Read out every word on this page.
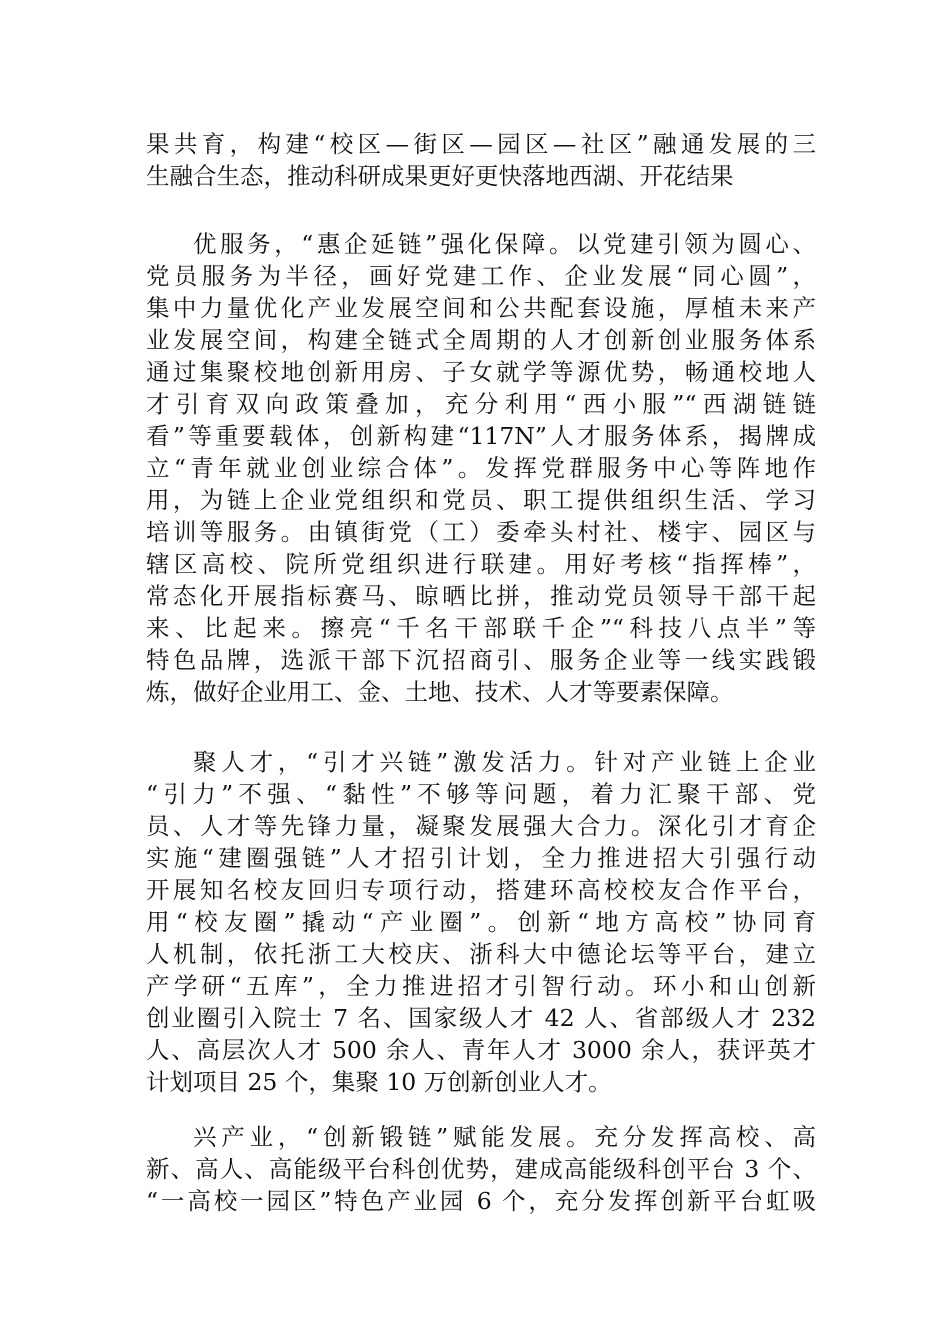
果共育，构建“校区—街区—园区—社区”融通发展的三
生融合生态，推动科研成果更好更快落地西湖、开花结果
优服务，“惠企延链”强化保障。以党建引领为圆心、
党员服务为半径，画好党建工作、企业发展“同心圆”，
集中力量优化产业发展空间和公共配套设施，厚植未来产
业发展空间，构建全链式全周期的人才创新创业服务体系
通过集聚校地创新用房、子女就学等源优势，畅通校地人
才引育双向政策叠加，充分利用“西小服”“西湖链链
看”等重要载体，创新构建“117N”人才服务体系，揭牌成
立“青年就业创业综合体”。发挥党群服务中心等阵地作
用，为链上企业党组织和党员、职工提供组织生活、学习
培训等服务。由镇街党（工）委牵头村社、楼宇、园区与
辖区高校、院所党组织进行联建。用好考核“指挥棒”，
常态化开展指标赛马、晾晒比拼，推动党员领导干部干起
来、比起来。擦亮“千名干部联千企”“科技八点半”等
特色品牌，选派干部下沉招商引、服务企业等一线实践锻
炼，做好企业用工、金、土地、技术、人才等要素保障。
聚人才，“引才兴链”激发活力。针对产业链上企业
“引力”不强、“黏性”不够等问题，着力汇聚干部、党
员、人才等先锋力量，凝聚发展强大合力。深化引才育企
实施“建圈强链”人才招引计划，全力推进招大引强行动
开展知名校友回归专项行动，搭建环高校校友合作平台，
用“校友圈”撬动“产业圈”。创新“地方高校”协同育
人机制，依托浙工大校庆、浙科大中德论坛等平台，建立
产学研“五库”，全力推进招才引智行动。环小和山创新
创业圈引入院士 7 名、国家级人才 42 人、省部级人才 232
人、高层次人才 500 余人、青年人才 3000 余人，获评英才
计划项目 25 个，集聚 10 万创新创业人才。
兴产业，“创新锻链”赋能发展。充分发挥高校、高
新、高人、高能级平台科创优势，建成高能级科创平台 3 个、
“一高校一园区”特色产业园 6 个，充分发挥创新平台虹吸
